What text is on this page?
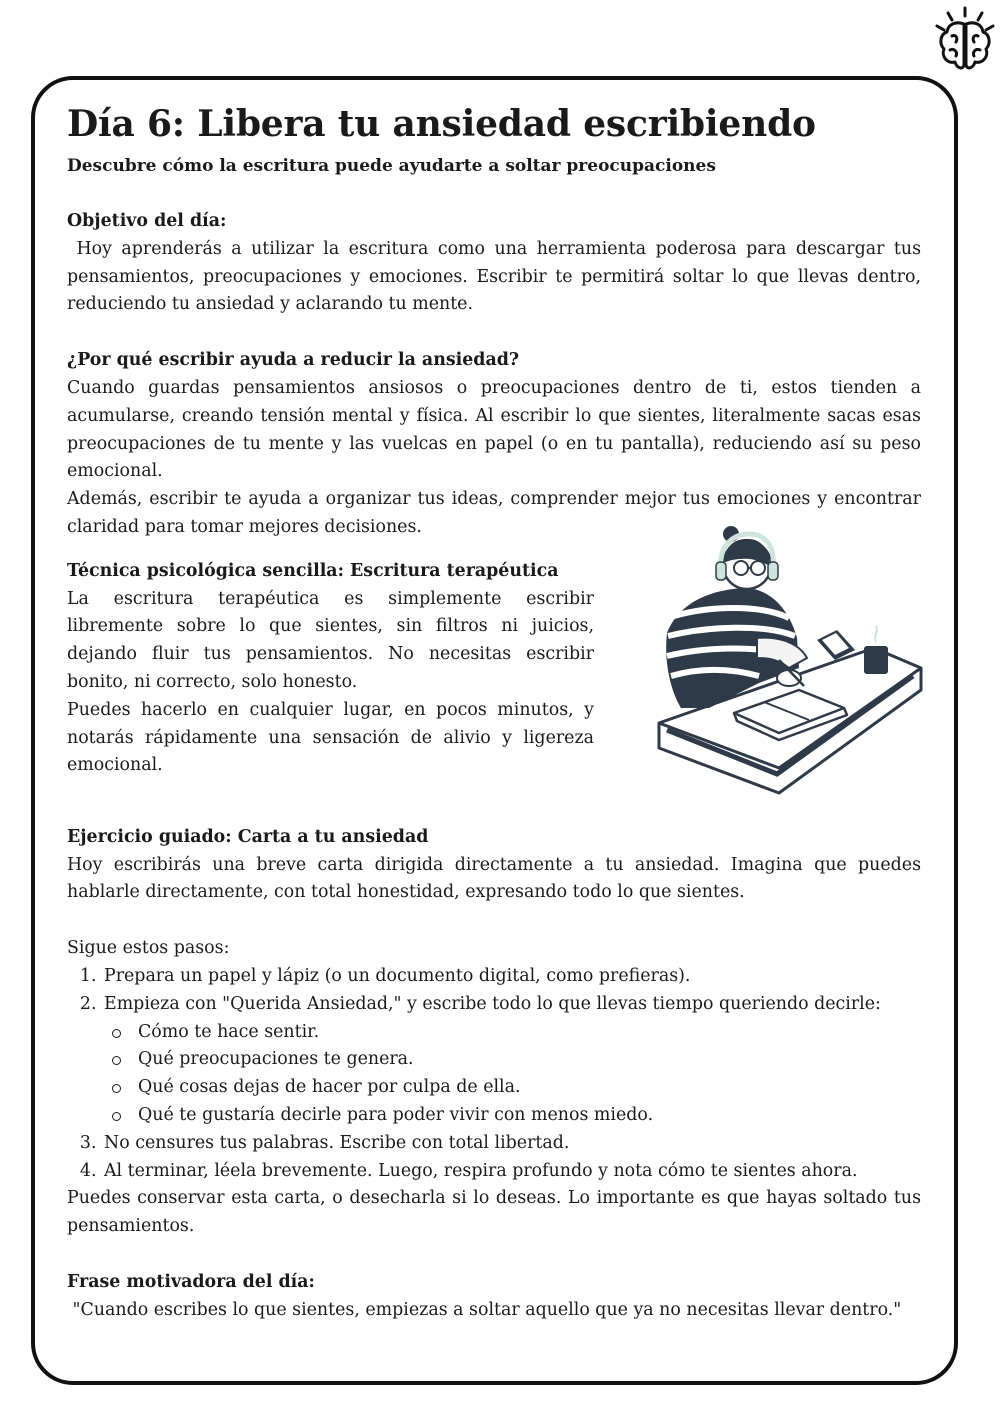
Día 6: Libera tu ansiedad escribiendo
Descubre cómo la escritura puede ayudarte a soltar preocupaciones
Objetivo del día:

Hoy aprenderás a utilizar la escritura como una herramienta poderosa para descargar tus pensamientos, preocupaciones y emociones. Escribir te permitirá soltar lo que llevas dentro, reduciendo tu ansiedad y aclarando tu mente.

¿Por qué escribir ayuda a reducir la ansiedad?

Cuando guardas pensamientos ansiosos o preocupaciones dentro de ti, estos tienden a acumularse, creando tensión mental y física. Al escribir lo que sientes, literalmente sacas esas preocupaciones de tu mente y las vuelcas en papel (o en tu pantalla), reduciendo así su peso emocional.

Además, escribir te ayuda a organizar tus ideas, comprender mejor tus emociones y encontrar claridad para tomar mejores decisiones.

Técnica psicológica sencilla: Escritura terapéutica

La escritura terapéutica es simplemente escribir libremente sobre lo que sientes, sin filtros ni juicios, dejando fluir tus pensamientos. No necesitas escribir bonito, ni correcto, solo honesto.

Puedes hacerlo en cualquier lugar, en pocos minutos, y notarás rápidamente una sensación de alivio y ligereza emocional.

Ejercicio guiado: Carta a tu ansiedad

Hoy escribirás una breve carta dirigida directamente a tu ansiedad. Imagina que puedes hablarle directamente, con total honestidad, expresando todo lo que sientes.

Sigue estos pasos:

1. Prepara un papel y lápiz (o un documento digital, como prefieras).
2. Empieza con "Querida Ansiedad," y escribe todo lo que llevas tiempo queriendo decirle:
Cómo te hace sentir.
Qué preocupaciones te genera.
Qué cosas dejas de hacer por culpa de ella.
Qué te gustaría decirle para poder vivir con menos miedo.
3. No censures tus palabras. Escribe con total libertad.
4. Al terminar, léela brevemente. Luego, respira profundo y nota cómo te sientes ahora.

Puedes conservar esta carta, o desecharla si lo deseas. Lo importante es que hayas soltado tus pensamientos.

Frase motivadora del día:

"Cuando escribes lo que sientes, empiezas a soltar aquello que ya no necesitas llevar dentro."
